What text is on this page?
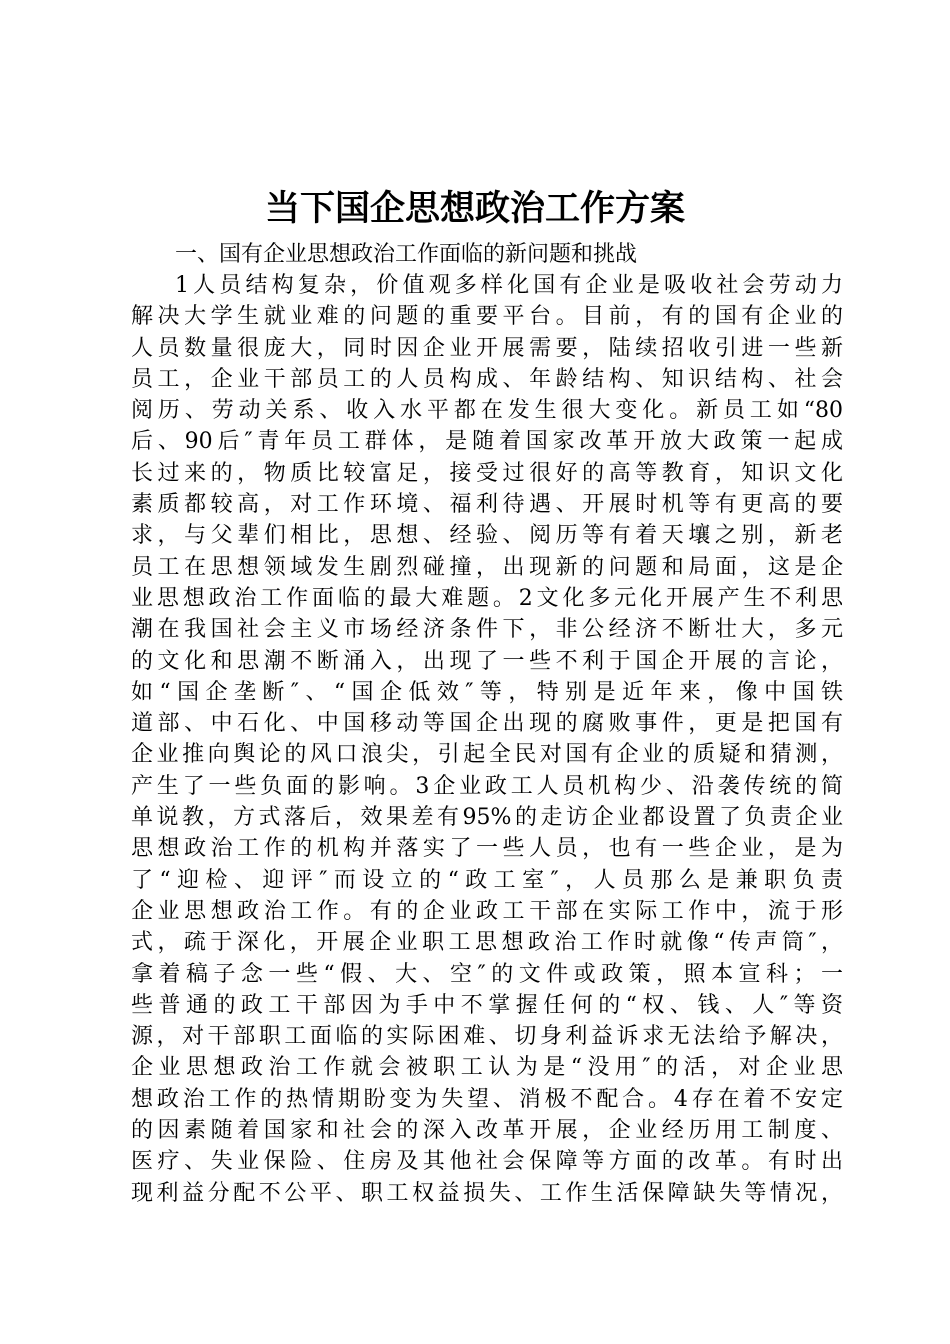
当下国企思想政治工作方案

一、国有企业思想政治工作面临的新问题和挑战

1人员结构复杂，价值观多样化国有企业是吸收社会劳动力
解决大学生就业难的问题的重要平台。目前，有的国有企业的
人员数量很庞大，同时因企业开展需要，陆续招收引进一些新
员工，企业干部员工的人员构成、年龄结构、知识结构、社会
阅历、劳动关系、收入水平都在发生很大变化。新员工如“80
后、90后″青年员工群体，是随着国家改革开放大政策一起成
长过来的，物质比较富足，接受过很好的高等教育，知识文化
素质都较高，对工作环境、福利待遇、开展时机等有更高的要
求，与父辈们相比，思想、经验、阅历等有着天壤之别，新老
员工在思想领域发生剧烈碰撞，出现新的问题和局面，这是企
业思想政治工作面临的最大难题。2文化多元化开展产生不利思
潮在我国社会主义市场经济条件下，非公经济不断壮大，多元
的文化和思潮不断涌入，出现了一些不利于国企开展的言论，
如“国企垄断″、“国企低效″等，特别是近年来，像中国铁
道部、中石化、中国移动等国企出现的腐败事件，更是把国有
企业推向舆论的风口浪尖，引起全民对国有企业的质疑和猜测，
产生了一些负面的影响。3企业政工人员机构少、沿袭传统的简
单说教，方式落后，效果差有95%的走访企业都设置了负责企业
思想政治工作的机构并落实了一些人员，也有一些企业，是为
了“迎检、迎评″而设立的“政工室″，人员那么是兼职负责
企业思想政治工作。有的企业政工干部在实际工作中，流于形
式，疏于深化，开展企业职工思想政治工作时就像“传声筒″，
拿着稿子念一些“假、大、空″的文件或政策，照本宣科；一
些普通的政工干部因为手中不掌握任何的“权、钱、人″等资
源，对干部职工面临的实际困难、切身利益诉求无法给予解决，
企业思想政治工作就会被职工认为是“没用″的活，对企业思
想政治工作的热情期盼变为失望、消极不配合。4存在着不安定
的因素随着国家和社会的深入改革开展，企业经历用工制度、
医疗、失业保险、住房及其他社会保障等方面的改革。有时出
现利益分配不公平、职工权益损失、工作生活保障缺失等情况，
